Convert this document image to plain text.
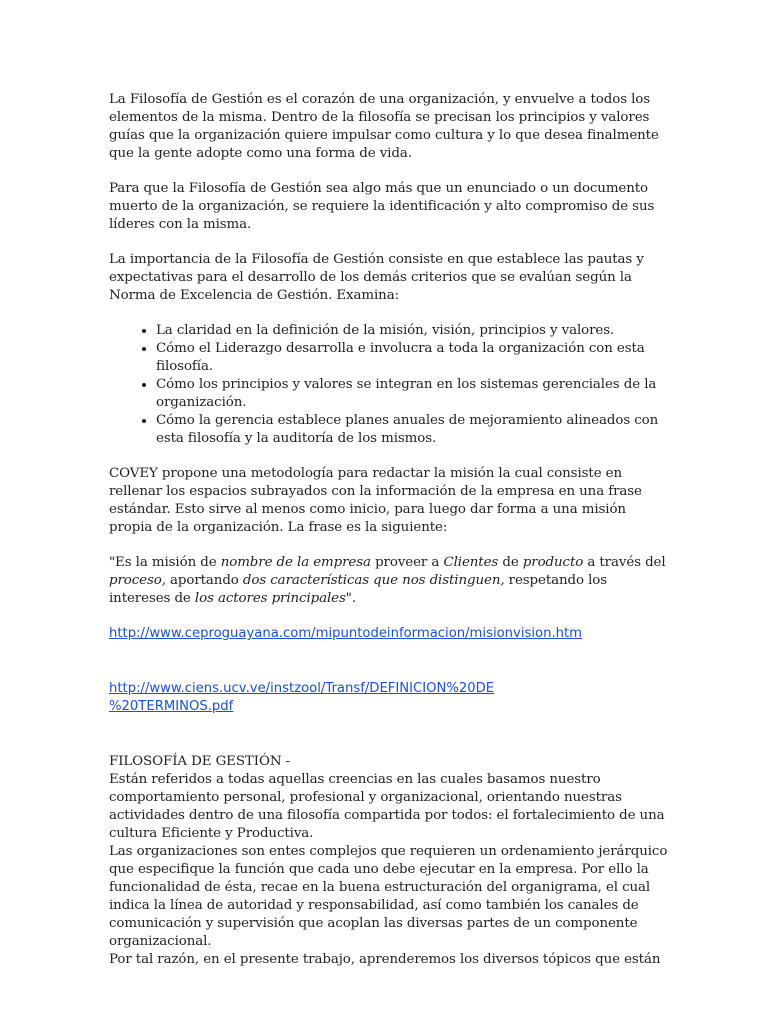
La Filosofía de Gestión es el corazón de una organización, y envuelve a todos los elementos de la misma. Dentro de la filosofía se precisan los principios y valores guías que la organización quiere impulsar como cultura y lo que desea finalmente que la gente adopte como una forma de vida.

Para que la Filosofía de Gestión sea algo más que un enunciado o un documento muerto de la organización, se requiere la identificación y alto compromiso de sus líderes con la misma.

La importancia de la Filosofía de Gestión consiste en que establece las pautas y expectativas para el desarrollo de los demás criterios que se evalúan según la Norma de Excelencia de Gestión. Examina:

• La claridad en la definición de la misión, visión, principios y valores.
• Cómo el Liderazgo desarrolla e involucra a toda la organización con esta filosofía.
• Cómo los principios y valores se integran en los sistemas gerenciales de la organización.
• Cómo la gerencia establece planes anuales de mejoramiento alineados con esta filosofía y la auditoría de los mismos.

COVEY propone una metodología para redactar la misión la cual consiste en rellenar los espacios subrayados con la información de la empresa en una frase estándar. Esto sirve al menos como inicio, para luego dar forma a una misión propia de la organización. La frase es la siguiente:

"Es la misión de nombre de la empresa proveer a Clientes de producto a través del proceso, aportando dos características que nos distinguen, respetando los intereses de los actores principales".

http://www.ceproguayana.com/mipuntodeinformacion/misionvision.htm
http://www.ciens.ucv.ve/instzool/Transf/DEFINICION%20DE
%20TERMINOS.pdf
FILOSOFÍA DE GESTIÓN -
Están referidos a todas aquellas creencias en las cuales basamos nuestro comportamiento personal, profesional y organizacional, orientando nuestras actividades dentro de una filosofía compartida por todos: el fortalecimiento de una cultura Eficiente y Productiva.
Las organizaciones son entes complejos que requieren un ordenamiento jerárquico que especifique la función que cada uno debe ejecutar en la empresa. Por ello la funcionalidad de ésta, recae en la buena estructuración del organigrama, el cual indica la línea de autoridad y responsabilidad, así como también los canales de comunicación y supervisión que acoplan las diversas partes de un componente organizacional.
Por tal razón, en el presente trabajo, aprenderemos los diversos tópicos que están
